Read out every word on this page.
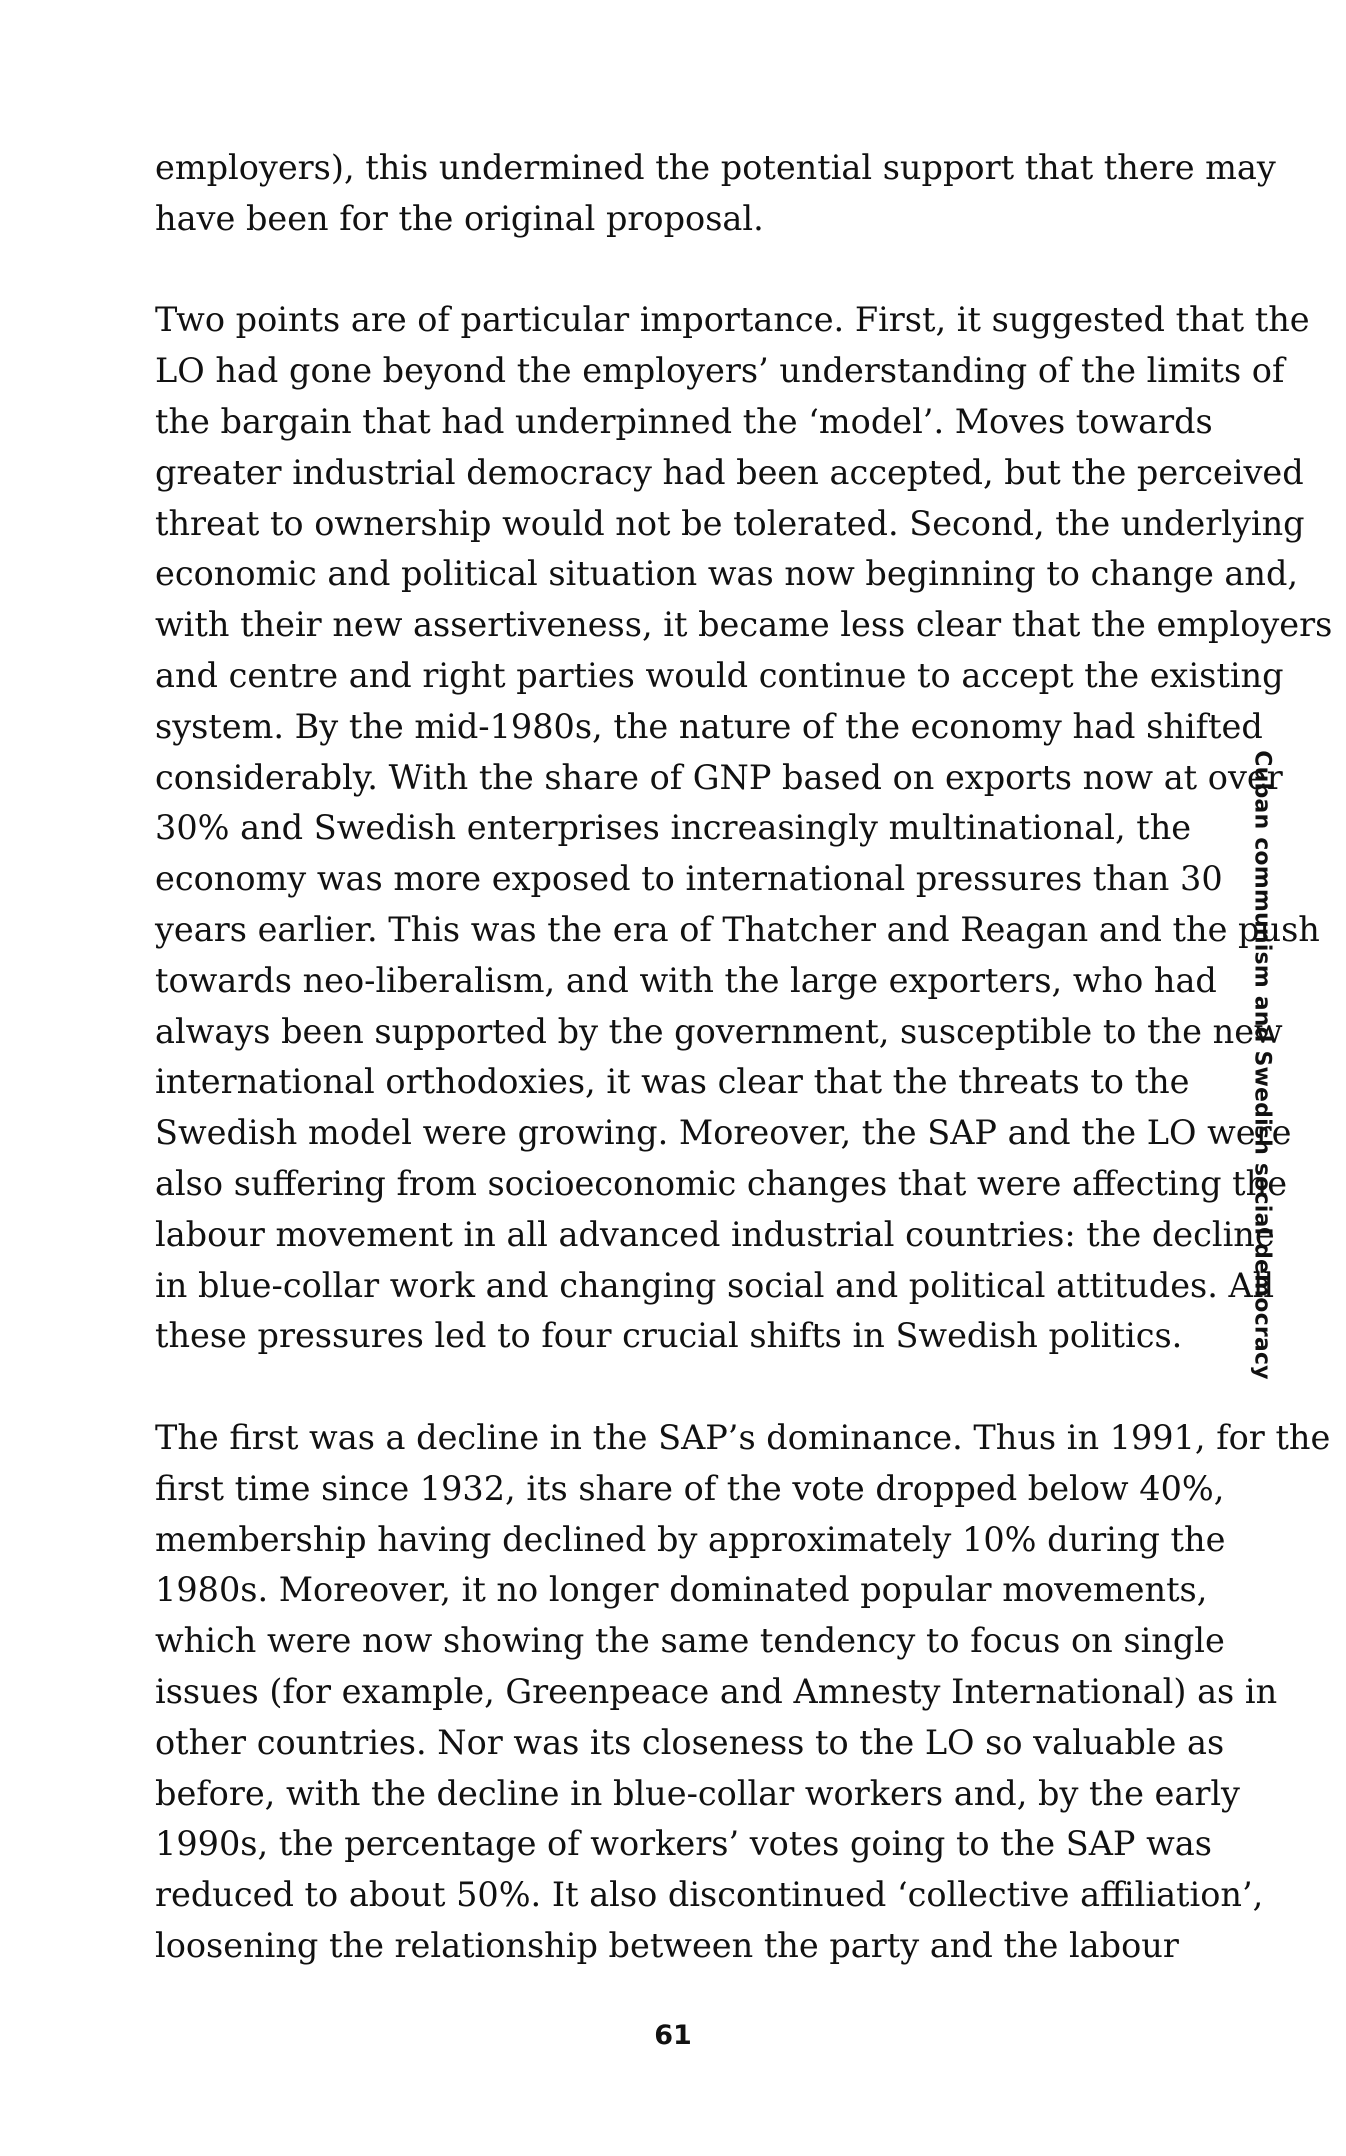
employers), this undermined the potential support that there may
have been for the original proposal.

Two points are of particular importance. First, it suggested that the
LO had gone beyond the employers’ understanding of the limits of
the bargain that had underpinned the ‘model’. Moves towards
greater industrial democracy had been accepted, but the perceived
threat to ownership would not be tolerated. Second, the underlying
economic and political situation was now beginning to change and,
with their new assertiveness, it became less clear that the employers
and centre and right parties would continue to accept the existing
system. By the mid-1980s, the nature of the economy had shifted
considerably. With the share of GNP based on exports now at over
30% and Swedish enterprises increasingly multinational, the
economy was more exposed to international pressures than 30
years earlier. This was the era of Thatcher and Reagan and the push
towards neo-liberalism, and with the large exporters, who had
always been supported by the government, susceptible to the new
international orthodoxies, it was clear that the threats to the
Swedish model were growing. Moreover, the SAP and the LO were
also suffering from socioeconomic changes that were affecting the
labour movement in all advanced industrial countries: the decline
in blue-collar work and changing social and political attitudes. All
these pressures led to four crucial shifts in Swedish politics.

The first was a decline in the SAP’s dominance. Thus in 1991, for the
first time since 1932, its share of the vote dropped below 40%,
membership having declined by approximately 10% during the
1980s. Moreover, it no longer dominated popular movements,
which were now showing the same tendency to focus on single
issues (for example, Greenpeace and Amnesty International) as in
other countries. Nor was its closeness to the LO so valuable as
before, with the decline in blue-collar workers and, by the early
1990s, the percentage of workers’ votes going to the SAP was
reduced to about 50%. It also discontinued ‘collective affiliation’,
loosening the relationship between the party and the labour

Cuban communism and Swedish social democracy
61
